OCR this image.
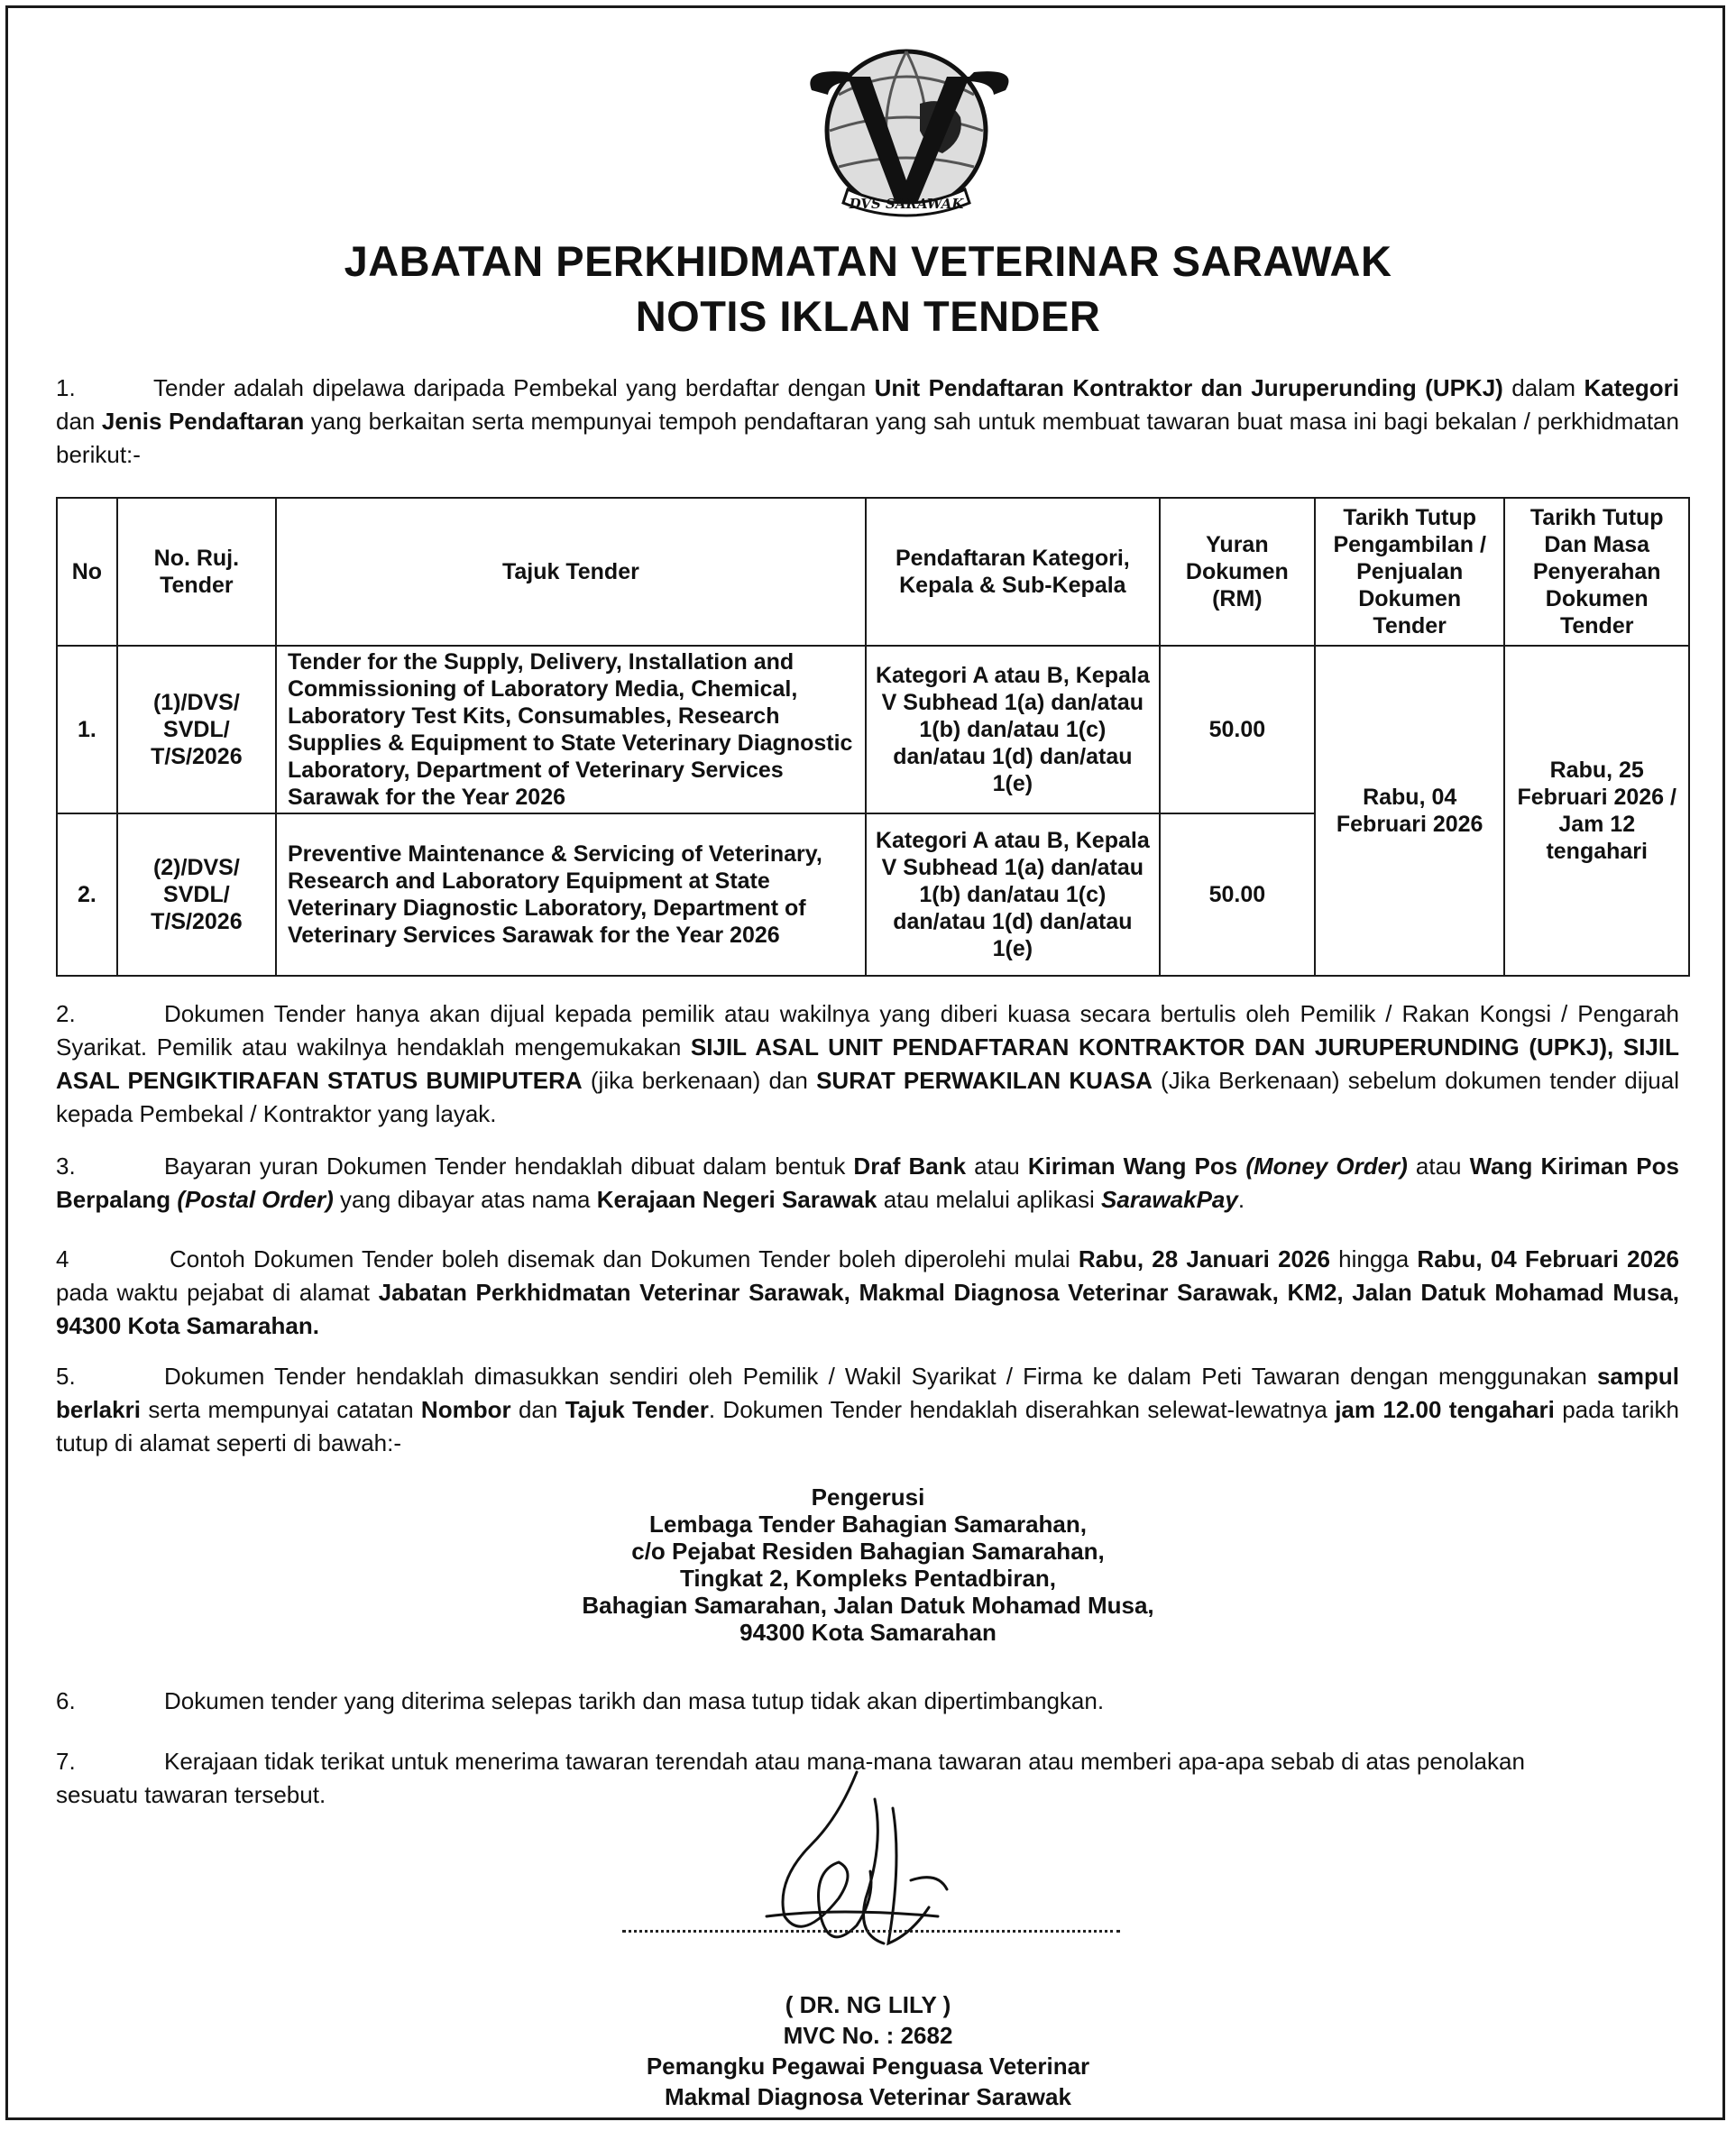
DVS SARAWAK
JABATAN PERKHIDMATAN VETERINAR SARAWAK
NOTIS IKLAN TENDER
1.	Tender adalah dipelawa daripada Pembekal yang berdaftar dengan Unit Pendaftaran Kontraktor dan Juruperunding (UPKJ) dalam Kategori dan Jenis Pendaftaran yang berkaitan serta mempunyai tempoh pendaftaran yang sah untuk membuat tawaran buat masa ini bagi bekalan / perkhidmatan berikut:-
No	No. Ruj. Tender	Tajuk Tender	Pendaftaran Kategori, Kepala & Sub-Kepala	Yuran Dokumen (RM)	Tarikh Tutup Pengambilan / Penjualan Dokumen Tender	Tarikh Tutup Dan Masa Penyerahan Dokumen Tender
1.	(1)/DVS/ SVDL/ T/S/2026	Tender for the Supply, Delivery, Installation and Commissioning of Laboratory Media, Chemical, Laboratory Test Kits, Consumables, Research Supplies & Equipment to State Veterinary Diagnostic Laboratory, Department of Veterinary Services Sarawak for the Year 2026	Kategori A atau B, Kepala V Subhead 1(a) dan/atau 1(b) dan/atau 1(c) dan/atau 1(d) dan/atau 1(e)	50.00	Rabu, 04 Februari 2026	Rabu, 25 Februari 2026 / Jam 12 tengahari
2.	(2)/DVS/ SVDL/ T/S/2026	Preventive Maintenance & Servicing of Veterinary, Research and Laboratory Equipment at State Veterinary Diagnostic Laboratory, Department of Veterinary Services Sarawak for the Year 2026	Kategori A atau B, Kepala V Subhead 1(a) dan/atau 1(b) dan/atau 1(c) dan/atau 1(d) dan/atau 1(e)	50.00		
2.	Dokumen Tender hanya akan dijual kepada pemilik atau wakilnya yang diberi kuasa secara bertulis oleh Pemilik / Rakan Kongsi / Pengarah Syarikat. Pemilik atau wakilnya hendaklah mengemukakan SIJIL ASAL UNIT PENDAFTARAN KONTRAKTOR DAN JURUPERUNDING (UPKJ), SIJIL ASAL PENGIKTIRAFAN STATUS BUMIPUTERA (jika berkenaan) dan SURAT PERWAKILAN KUASA (Jika Berkenaan) sebelum dokumen tender dijual kepada Pembekal / Kontraktor yang layak.
3.	Bayaran yuran Dokumen Tender hendaklah dibuat dalam bentuk Draf Bank atau Kiriman Wang Pos (Money Order) atau Wang Kiriman Pos Berpalang (Postal Order) yang dibayar atas nama Kerajaan Negeri Sarawak atau melalui aplikasi SarawakPay.
4	Contoh Dokumen Tender boleh disemak dan Dokumen Tender boleh diperolehi mulai Rabu, 28 Januari 2026 hingga Rabu, 04 Februari 2026 pada waktu pejabat di alamat Jabatan Perkhidmatan Veterinar Sarawak, Makmal Diagnosa Veterinar Sarawak, KM2, Jalan Datuk Mohamad Musa, 94300 Kota Samarahan.
5.	Dokumen Tender hendaklah dimasukkan sendiri oleh Pemilik / Wakil Syarikat / Firma ke dalam Peti Tawaran dengan menggunakan sampul berlakri serta mempunyai catatan Nombor dan Tajuk Tender. Dokumen Tender hendaklah diserahkan selewat-lewatnya jam 12.00 tengahari pada tarikh tutup di alamat seperti di bawah:-
Pengerusi
Lembaga Tender Bahagian Samarahan,
c/o Pejabat Residen Bahagian Samarahan,
Tingkat 2, Kompleks Pentadbiran,
Bahagian Samarahan, Jalan Datuk Mohamad Musa,
94300 Kota Samarahan
6.	Dokumen tender yang diterima selepas tarikh dan masa tutup tidak akan dipertimbangkan.
7.	Kerajaan tidak terikat untuk menerima tawaran terendah atau mana-mana tawaran atau memberi apa-apa sebab di atas penolakan sesuatu tawaran tersebut.
( DR. NG LILY )
MVC No. : 2682
Pemangku Pegawai Penguasa Veterinar
Makmal Diagnosa Veterinar Sarawak
